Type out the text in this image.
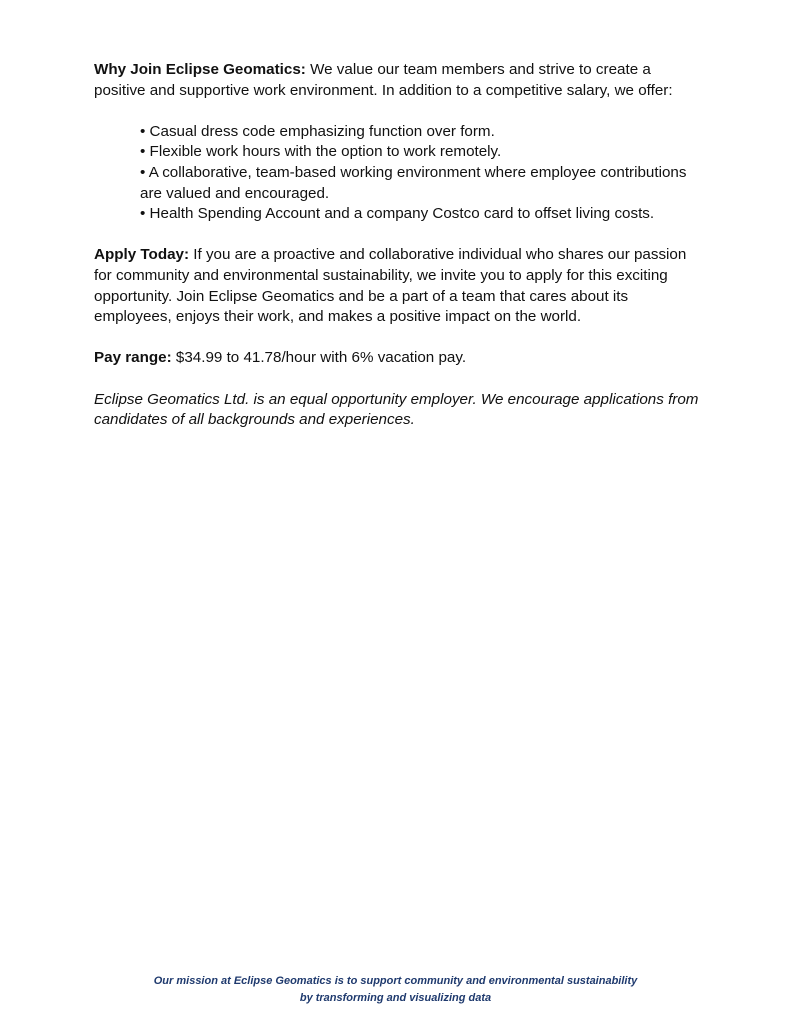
Why Join Eclipse Geomatics: We value our team members and strive to create a positive and supportive work environment. In addition to a competitive salary, we offer:

• Casual dress code emphasizing function over form.
• Flexible work hours with the option to work remotely.
• A collaborative, team-based working environment where employee contributions are valued and encouraged.
• Health Spending Account and a company Costco card to offset living costs.

Apply Today: If you are a proactive and collaborative individual who shares our passion for community and environmental sustainability, we invite you to apply for this exciting opportunity. Join Eclipse Geomatics and be a part of a team that cares about its employees, enjoys their work, and makes a positive impact on the world.

Pay range: $34.99 to 41.78/hour with 6% vacation pay.

Eclipse Geomatics Ltd. is an equal opportunity employer. We encourage applications from candidates of all backgrounds and experiences.

Our mission at Eclipse Geomatics is to support community and environmental sustainability
by transforming and visualizing data
